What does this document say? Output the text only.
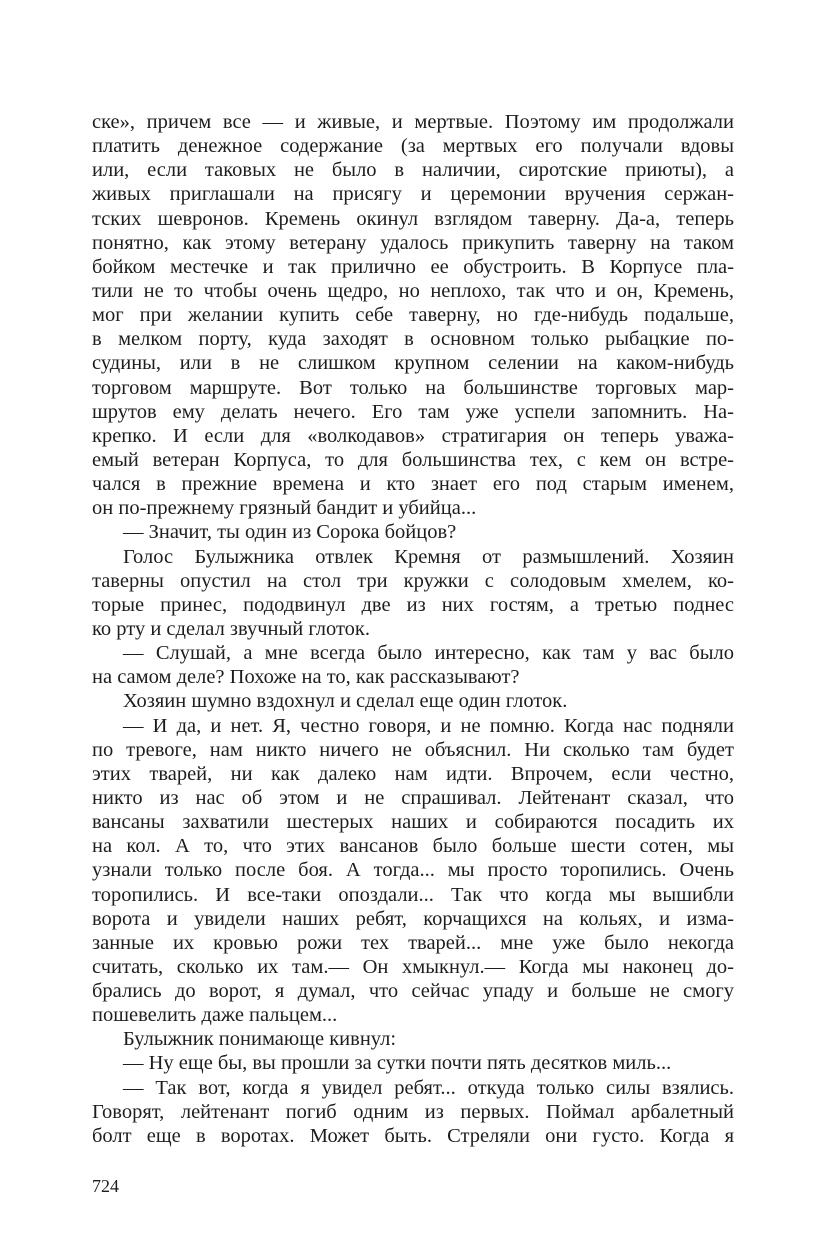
ске», причем все — и живые, и мертвые. Поэтому им продолжали
платить денежное содержание (за мертвых его получали вдовы
или, если таковых не было в наличии, сиротские приюты), а
живых приглашали на присягу и церемонии вручения сержан-
тских шевронов. Кремень окинул взглядом таверну. Да-а, теперь
понятно, как этому ветерану удалось прикупить таверну на таком
бойком местечке и так прилично ее обустроить. В Корпусе пла-
тили не то чтобы очень щедро, но неплохо, так что и он, Кремень,
мог при желании купить себе таверну, но где-нибудь подальше,
в мелком порту, куда заходят в основном только рыбацкие по-
судины, или в не слишком крупном селении на каком-нибудь
торговом маршруте. Вот только на большинстве торговых мар-
шрутов ему делать нечего. Его там уже успели запомнить. На-
крепко. И если для «волкодавов» стратигария он теперь уважа-
емый ветеран Корпуса, то для большинства тех, с кем он встре-
чался в прежние времена и кто знает его под старым именем,
он по-прежнему грязный бандит и убийца...
— Значит, ты один из Сорока бойцов?
Голос Булыжника отвлек Кремня от размышлений. Хозяин
таверны опустил на стол три кружки с солодовым хмелем, ко-
торые принес, пододвинул две из них гостям, а третью поднес
ко рту и сделал звучный глоток.
— Слушай, а мне всегда было интересно, как там у вас было
на самом деле? Похоже на то, как рассказывают?
Хозяин шумно вздохнул и сделал еще один глоток.
— И да, и нет. Я, честно говоря, и не помню. Когда нас подняли
по тревоге, нам никто ничего не объяснил. Ни сколько там будет
этих тварей, ни как далеко нам идти. Впрочем, если честно,
никто из нас об этом и не спрашивал. Лейтенант сказал, что
вансаны захватили шестерых наших и собираются посадить их
на кол. А то, что этих вансанов было больше шести сотен, мы
узнали только после боя. А тогда... мы просто торопились. Очень
торопились. И все-таки опоздали... Так что когда мы вышибли
ворота и увидели наших ребят, корчащихся на кольях, и изма-
занные их кровью рожи тех тварей... мне уже было некогда
считать, сколько их там.— Он хмыкнул.— Когда мы наконец до-
брались до ворот, я думал, что сейчас упаду и больше не смогу
пошевелить даже пальцем...
Булыжник понимающе кивнул:
— Ну еще бы, вы прошли за сутки почти пять десятков миль...
— Так вот, когда я увидел ребят... откуда только силы взялись.
Говорят, лейтенант погиб одним из первых. Поймал арбалетный
болт еще в воротах. Может быть. Стреляли они густо. Когда я
724
